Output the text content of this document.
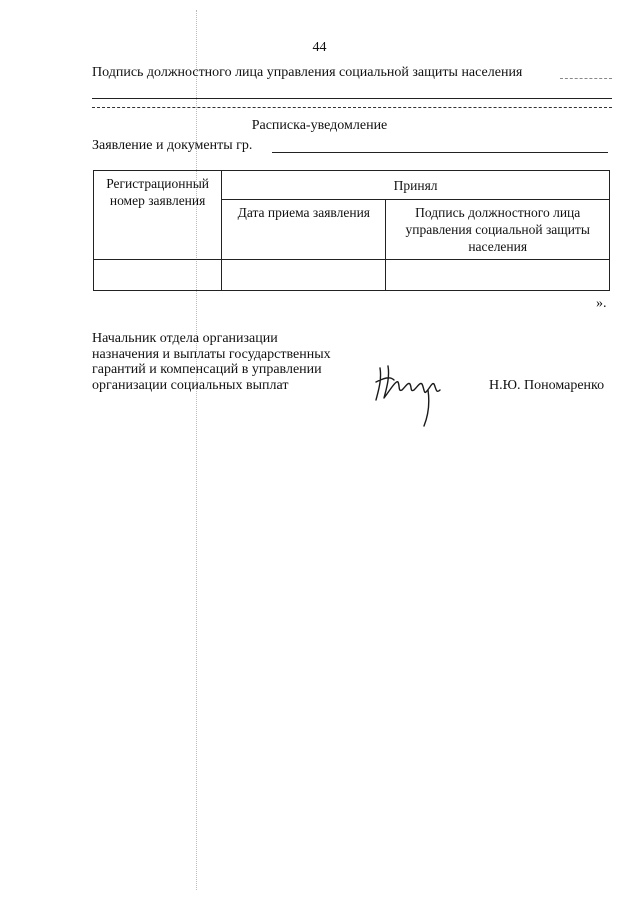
44
Подпись должностного лица управления социальной защиты населения
Расписка-уведомление
Заявление и документы гр.
Регистрационный номер заявления	Принял	
	Дата приема заявления	Подпись должностного лица управления социальной защиты населения

».
Начальник отдела организации
назначения и выплаты государственных
гарантий и компенсаций в управлении
организации социальных выплат	Н.Ю. Пономаренко
